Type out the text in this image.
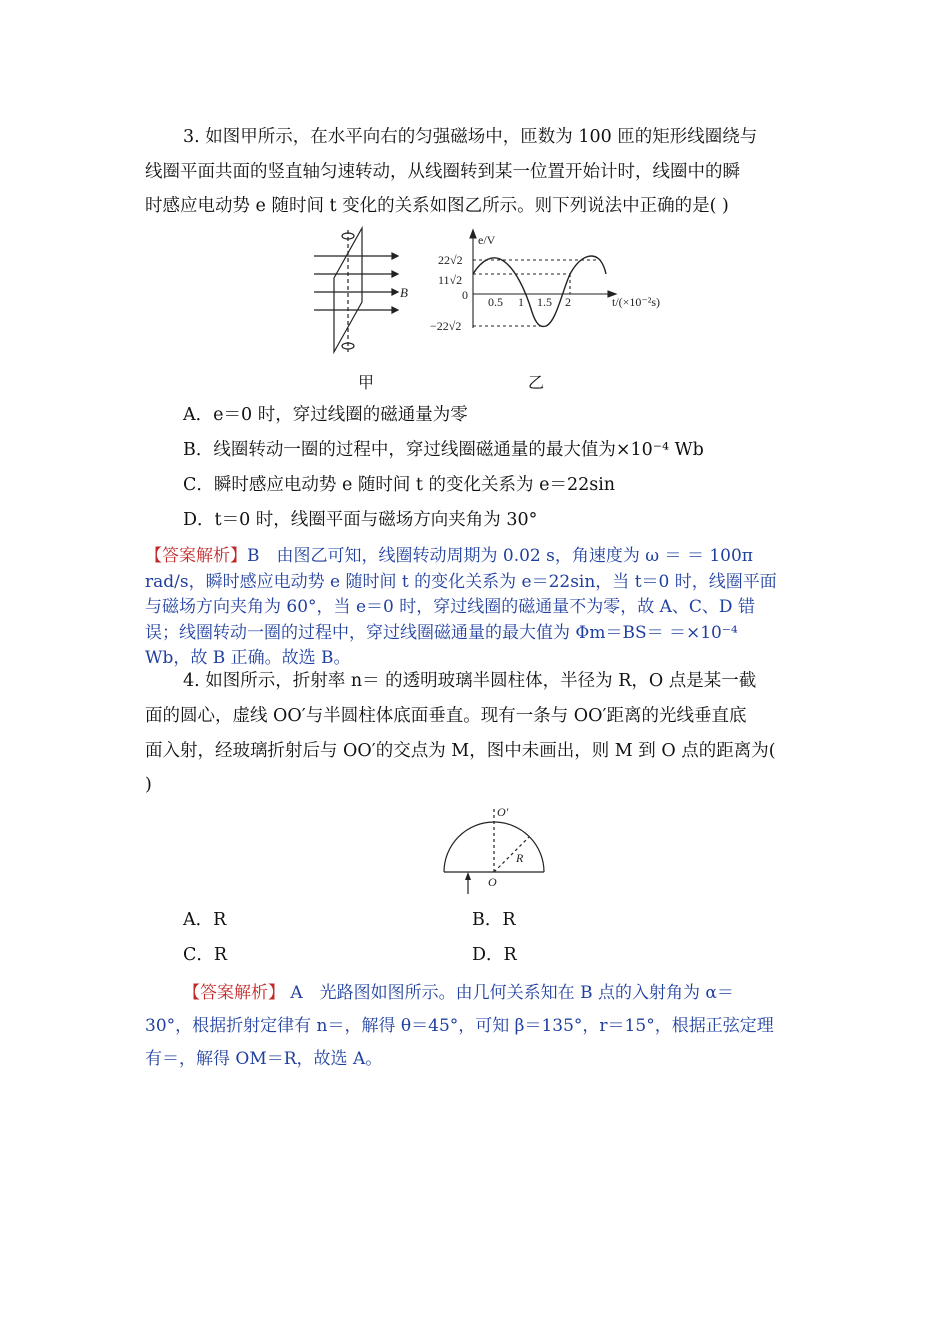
3. 如图甲所示，在水平向右的匀强磁场中，匝数为 100 匝的矩形线圈绕与
线圈平面共面的竖直轴匀速转动，从线圈转到某一位置开始计时，线圈中的瞬
时感应电动势 e 随时间 t 变化的关系如图乙所示。则下列说法中正确的是( )
B
e/V
22√2
11√2
0
−22√2
0.5 1 1.5 2	t/(×10⁻²s)
甲	乙
A．e＝0 时，穿过线圈的磁通量为零
B．线圈转动一圈的过程中，穿过线圈磁通量的最大值为×10⁻⁴ Wb
C．瞬时感应电动势 e 随时间 t 的变化关系为 e＝22sin
D．t＝0 时，线圈平面与磁场方向夹角为 30°
【答案解析】B　由图乙可知，线圈转动周期为 0.02 s，角速度为 ω ＝ ＝ 100π
rad/s，瞬时感应电动势 e 随时间 t 的变化关系为 e＝22sin，当 t＝0 时，线圈平面
与磁场方向夹角为 60°，当 e＝0 时，穿过线圈的磁通量不为零，故 A、C、D 错
误；线圈转动一圈的过程中，穿过线圈磁通量的最大值为 Φm＝BS＝ ＝×10⁻⁴
Wb，故 B 正确。故选 B。
4. 如图所示，折射率 n＝ 的透明玻璃半圆柱体，半径为 R，O 点是某一截
面的圆心，虚线 OO′与半圆柱体底面垂直。现有一条与 OO′距离的光线垂直底
面入射，经玻璃折射后与 OO′的交点为 M，图中未画出，则 M 到 O 点的距离为(
)
O′
R
O
A．R	B．R
C．R	D．R
【答案解析】 A　光路图如图所示。由几何关系知在 B 点的入射角为 α＝
30°，根据折射定律有 n＝，解得 θ＝45°，可知 β＝135°，r＝15°，根据正弦定理
有＝，解得 OM＝R，故选 A。
